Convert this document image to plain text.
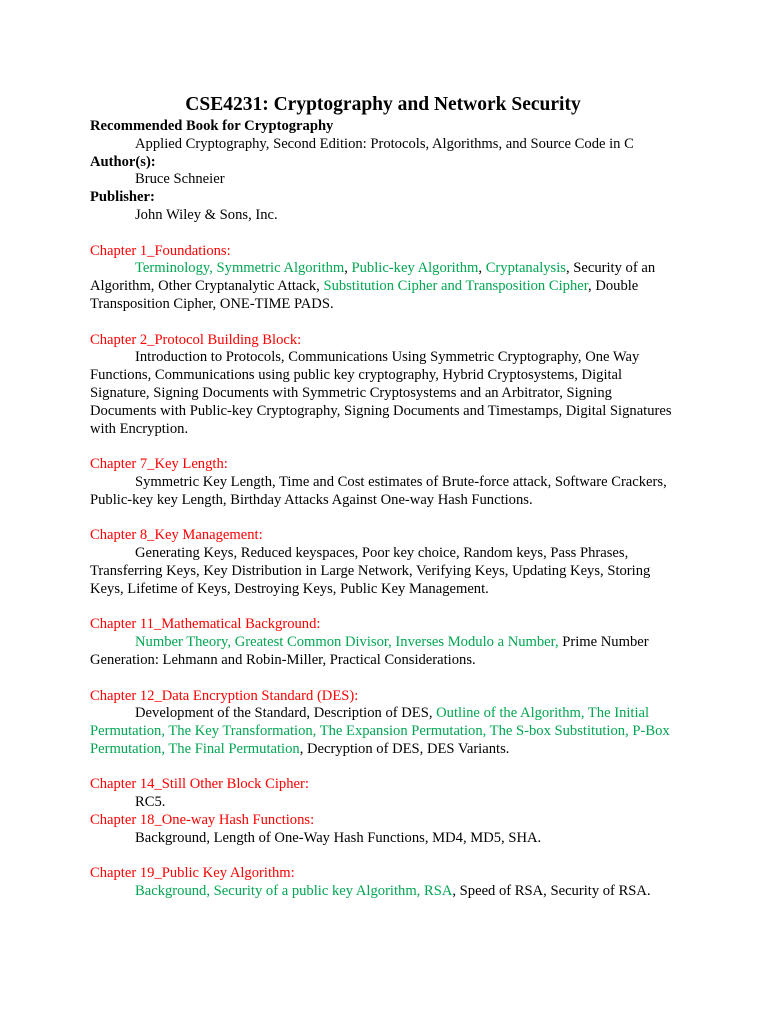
CSE4231: Cryptography and Network Security
Recommended Book for Cryptography
Applied Cryptography, Second Edition: Protocols, Algorithms, and Source Code in C
Author(s):
Bruce Schneier
Publisher:
John Wiley & Sons, Inc.
Chapter 1_Foundations:

Terminology, Symmetric Algorithm, Public-key Algorithm, Cryptanalysis, Security of an Algorithm, Other Cryptanalytic Attack, Substitution Cipher and Transposition Cipher, Double Transposition Cipher, ONE-TIME PADS.

Chapter 2_Protocol Building Block:

Introduction to Protocols, Communications Using Symmetric Cryptography, One Way Functions, Communications using public key cryptography, Hybrid Cryptosystems, Digital Signature, Signing Documents with Symmetric Cryptosystems and an Arbitrator, Signing Documents with Public-key Cryptography, Signing Documents and Timestamps, Digital Signatures with Encryption.

Chapter 7_Key Length:

Symmetric Key Length, Time and Cost estimates of Brute-force attack, Software Crackers, Public-key key Length, Birthday Attacks Against One-way Hash Functions.

Chapter 8_Key Management:

Generating Keys, Reduced keyspaces, Poor key choice, Random keys, Pass Phrases, Transferring Keys, Key Distribution in Large Network, Verifying Keys, Updating Keys, Storing Keys, Lifetime of Keys, Destroying Keys, Public Key Management.

Chapter 11_Mathematical Background:

Number Theory, Greatest Common Divisor, Inverses Modulo a Number, Prime Number Generation: Lehmann and Robin-Miller, Practical Considerations.

Chapter 12_Data Encryption Standard (DES):

Development of the Standard, Description of DES, Outline of the Algorithm, The Initial Permutation, The Key Transformation, The Expansion Permutation, The S-box Substitution, P-Box Permutation, The Final Permutation, Decryption of DES, DES Variants.

Chapter 14_Still Other Block Cipher:

RC5.

Chapter 18_One-way Hash Functions:

Background, Length of One-Way Hash Functions, MD4, MD5, SHA.

Chapter 19_Public Key Algorithm:

Background, Security of a public key Algorithm, RSA, Speed of RSA, Security of RSA.
